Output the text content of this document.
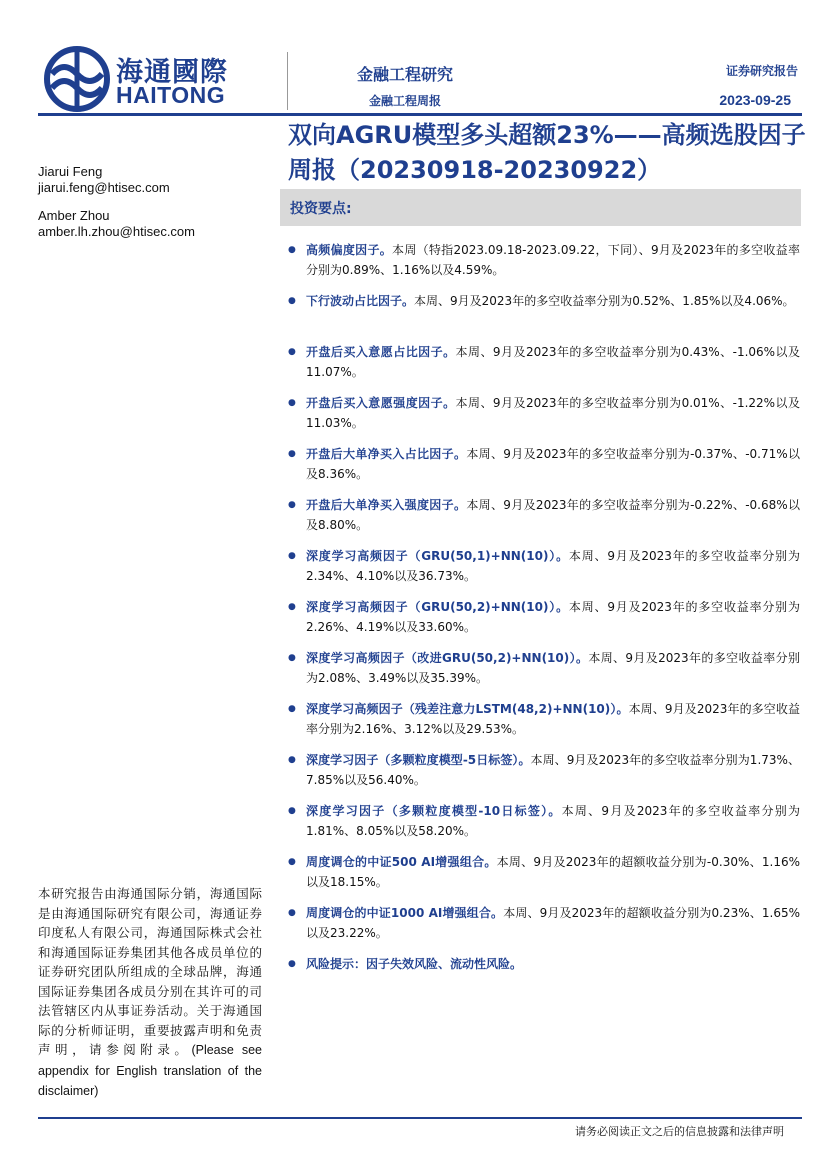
海通國際
HAITONG
金融工程研究
金融工程周报
证券研究报告
2023-09-25
双向AGRU模型多头超额23%——高频选股因子周报（20230918-20230922）
Jiarui Feng
jiarui.feng@htisec.com
Amber Zhou
amber.lh.zhou@htisec.com
投资要点:
● 高频偏度因子。本周（特指2023.09.18-2023.09.22，下同）、9月及2023年的多空收益率分别为0.89%、1.16%以及4.59%。
● 下行波动占比因子。本周、9月及2023年的多空收益率分别为0.52%、1.85%以及4.06%。
● 开盘后买入意愿占比因子。本周、9月及2023年的多空收益率分别为0.43%、-1.06%以及11.07%。
● 开盘后买入意愿强度因子。本周、9月及2023年的多空收益率分别为0.01%、-1.22%以及11.03%。
● 开盘后大单净买入占比因子。本周、9月及2023年的多空收益率分别为-0.37%、-0.71%以及8.36%。
● 开盘后大单净买入强度因子。本周、9月及2023年的多空收益率分别为-0.22%、-0.68%以及8.80%。
● 深度学习高频因子（GRU(50,1)+NN(10)）。本周、9月及2023年的多空收益率分别为2.34%、4.10%以及36.73%。
● 深度学习高频因子（GRU(50,2)+NN(10)）。本周、9月及2023年的多空收益率分别为2.26%、4.19%以及33.60%。
● 深度学习高频因子（改进GRU(50,2)+NN(10)）。本周、9月及2023年的多空收益率分别为2.08%、3.49%以及35.39%。
● 深度学习高频因子（残差注意力LSTM(48,2)+NN(10)）。本周、9月及2023年的多空收益率分别为2.16%、3.12%以及29.53%。
● 深度学习因子（多颗粒度模型-5日标签）。本周、9月及2023年的多空收益率分别为1.73%、7.85%以及56.40%。
● 深度学习因子（多颗粒度模型-10日标签）。本周、9月及2023年的多空收益率分别为1.81%、8.05%以及58.20%。
● 周度调仓的中证500 AI增强组合。本周、9月及2023年的超额收益分别为-0.30%、1.16%以及18.15%。
● 周度调仓的中证1000 AI增强组合。本周、9月及2023年的超额收益分别为0.23%、1.65%以及23.22%。
● 风险提示：因子失效风险、流动性风险。
本研究报告由海通国际分销，海通国际是由海通国际研究有限公司，海通证券印度私人有限公司，海通国际株式会社和海通国际证券集团其他各成员单位的证券研究团队所组成的全球品牌，海通国际证券集团各成员分别在其许可的司法管辖区内从事证券活动。关于海通国际的分析师证明，重要披露声明和免责声明，请参阅附录。(Please see appendix for English translation of the disclaimer)
请务必阅读正文之后的信息披露和法律声明
